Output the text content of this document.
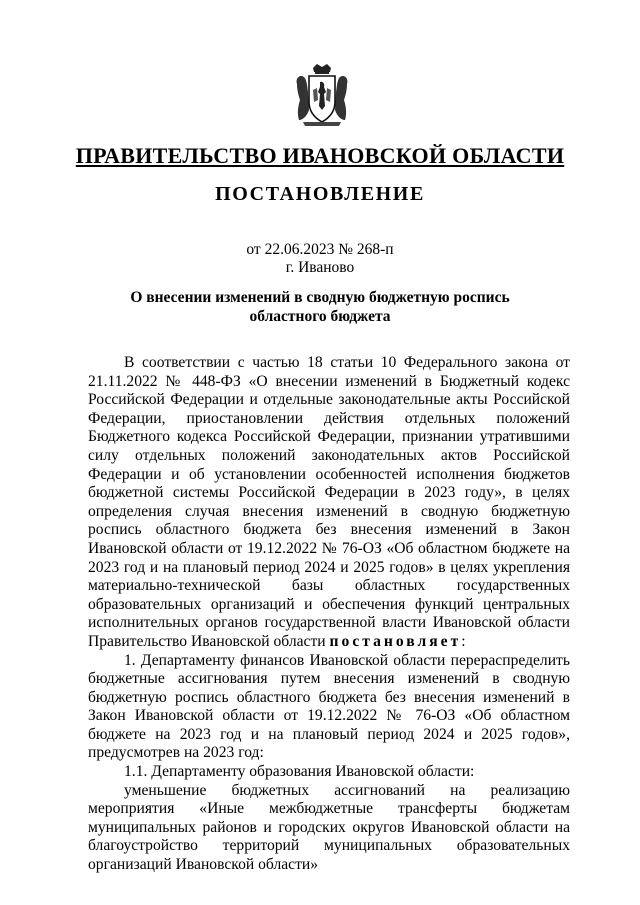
ПРАВИТЕЛЬСТВО ИВАНОВСКОЙ ОБЛАСТИ
ПОСТАНОВЛЕНИЕ
от 22.06.2023 № 268-п
г. Иваново
О внесении изменений в сводную бюджетную роспись
областного бюджета

В соответствии с частью 18 статьи 10 Федерального закона от 21.11.2022 № 448-ФЗ «О внесении изменений в Бюджетный кодекс Российской Федерации и отдельные законодательные акты Российской Федерации, приостановлении действия отдельных положений Бюджетного кодекса Российской Федерации, признании утратившими силу отдельных положений законодательных актов Российской Федерации и об установлении особенностей исполнения бюджетов бюджетной системы Российской Федерации в 2023 году», в целях определения случая внесения изменений в сводную бюджетную роспись областного бюджета без внесения изменений в Закон Ивановской области от 19.12.2022 № 76-ОЗ «Об областном бюджете на 2023 год и на плановый период 2024 и 2025 годов» в целях укрепления материально-технической базы областных государственных образовательных организаций и обеспечения функций центральных исполнительных органов государственной власти Ивановской области Правительство Ивановской области постановляет:

1. Департаменту финансов Ивановской области перераспределить бюджетные ассигнования путем внесения изменений в сводную бюджетную роспись областного бюджета без внесения изменений в Закон Ивановской области от 19.12.2022 № 76-ОЗ «Об областном бюджете на 2023 год и на плановый период 2024 и 2025 годов», предусмотрев на 2023 год:

1.1. Департаменту образования Ивановской области:

уменьшение бюджетных ассигнований на реализацию мероприятия «Иные межбюджетные трансферты бюджетам муниципальных районов и городских округов Ивановской области на благоустройство территорий муниципальных образовательных организаций Ивановской области»
